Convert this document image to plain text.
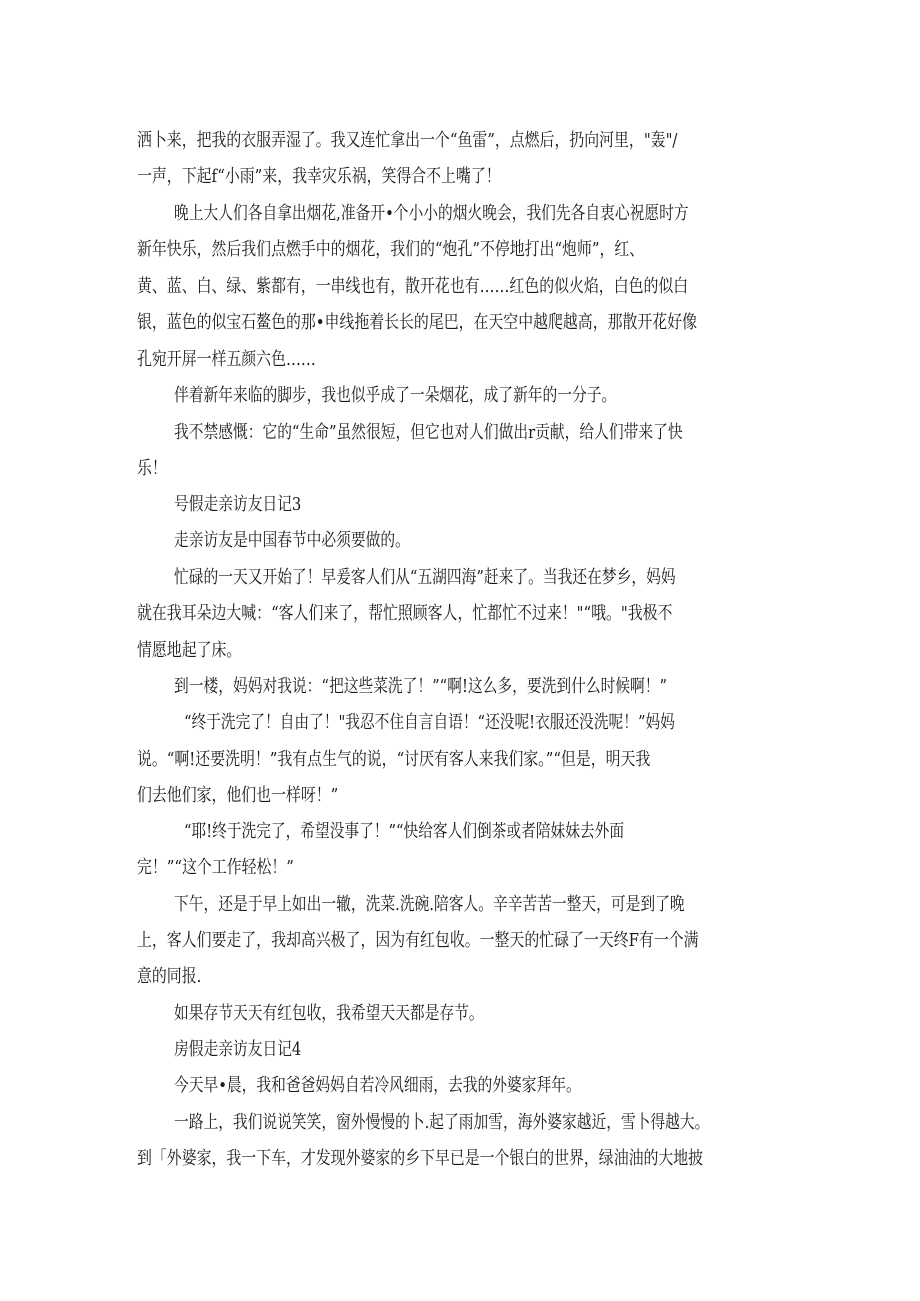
洒卜来，把我的衣服弄湿了。我又连忙拿出一个“鱼雷”，点燃后，扔向河里，"轰"/
一声，下起f“小雨”来，我幸灾乐祸，笑得合不上嘴了！
晚上大人们各自拿出烟花,准备开•个小小的烟火晚会，我们先各自衷心祝愿时方
新年快乐，然后我们点燃手中的烟花，我们的“炮孔”不停地打出“炮师”，红、
黄、蓝、白、绿、紫都有，一串线也有，散开花也有……红色的似火焰，白色的似白
银，蓝色的似宝石鳌色的那•申线拖着长长的尾巴，在天空中越爬越高，那散开花好像
孔宛开屏一样五颜六色……
伴着新年来临的脚步，我也似乎成了一朵烟花，成了新年的一分子。
我不禁感慨：它的“生命”虽然很短，但它也对人们做出r贡献，给人们带来了快
乐！
号假走亲访友日记3
走亲访友是中国春节中必须要做的。
忙碌的一天又开始了！早爰客人们从“五湖四海”赶来了。当我还在梦乡，妈妈
就在我耳朵边大喊：“客人们来了，帮忙照顾客人，忙都忙不过来！"“哦。"我极不
情愿地起了床。
到一楼，妈妈对我说：“把这些菜洗了！”“啊!这么多，要洗到什么时候啊！”
“终于洗完了！自由了！"我忍不住自言自语！“还没呢!衣服还没洗呢！”妈妈
说。“啊!还要洗明！”我有点生气的说，“讨厌有客人来我们家。”“但是，明天我
们去他们家，他们也一样呀！”
“耶!终于洗完了，希望没事了！”“快给客人们倒茶或者陪妹妹去外面
完！”“这个工作轻松！”
下午，还是于早上如出一辙，洗菜.洗碗.陪客人。辛辛苦苦一整天，可是到了晚
上，客人们要走了，我却高兴极了，因为有红包收。一整天的忙碌了一天终F有一个满
意的同报.
如果存节天天有红包收，我希望天天都是存节。
房假走亲访友日记4
今天早•晨，我和爸爸妈妈自若冷风细雨，去我的外婆家拜年。
一路上，我们说说笑笑，窗外慢慢的卜.起了雨加雪，海外婆家越近，雪卜得越大。
到「外婆家，我一下车，才发现外婆家的乡下早已是一个银白的世界，绿油油的大地披
